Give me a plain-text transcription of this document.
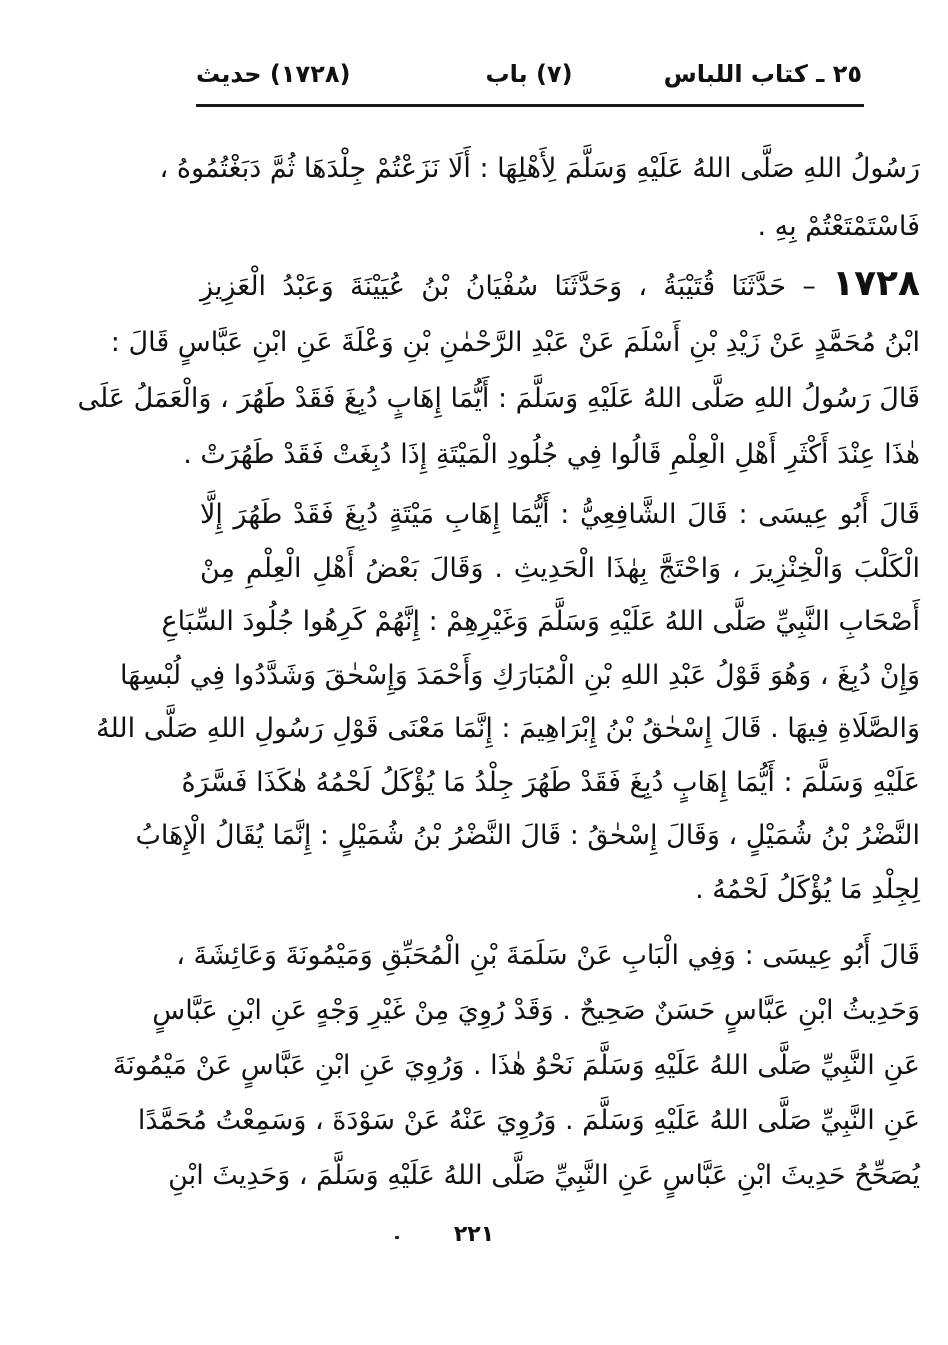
٢٥ ـ كتاب اللباس
(٧) باب
(١٧٢٨) حديث
رَسُولُ اللهِ صَلَّى اللهُ عَلَيْهِ وَسَلَّمَ لِأَهْلِهَا : أَلَا نَزَعْتُمْ جِلْدَهَا ثُمَّ دَبَغْتُمُوهُ ،
فَاسْتَمْتَعْتُمْ بِهِ .
١٧٢٨ – حَدَّثَنَا قُتَيْبَةُ ، وَحَدَّثَنَا سُفْيَانُ بْنُ عُيَيْنَةَ وَعَبْدُ الْعَزِيزِ
ابْنُ مُحَمَّدٍ عَنْ زَيْدِ بْنِ أَسْلَمَ عَنْ عَبْدِ الرَّحْمٰنِ بْنِ وَعْلَةَ عَنِ ابْنِ عَبَّاسٍ قَالَ :
قَالَ رَسُولُ اللهِ صَلَّى اللهُ عَلَيْهِ وَسَلَّمَ : أَيُّمَا إِهَابٍ دُبِغَ فَقَدْ طَهُرَ ، وَالْعَمَلُ عَلَى
هٰذَا عِنْدَ أَكْثَرِ أَهْلِ الْعِلْمِ قَالُوا فِي جُلُودِ الْمَيْتَةِ إِذَا دُبِغَتْ فَقَدْ طَهُرَتْ .
قَالَ أَبُو عِيسَى : قَالَ الشَّافِعِيُّ : أَيُّمَا إِهَابِ مَيْتَةٍ دُبِغَ فَقَدْ طَهُرَ إِلَّا
الْكَلْبَ وَالْخِنْزِيرَ ، وَاحْتَجَّ بِهٰذَا الْحَدِيثِ . وَقَالَ بَعْضُ أَهْلِ الْعِلْمِ مِنْ
أَصْحَابِ النَّبِيِّ صَلَّى اللهُ عَلَيْهِ وَسَلَّمَ وَغَيْرِهِمْ : إِنَّهُمْ كَرِهُوا جُلُودَ السِّبَاعِ
وَإِنْ دُبِغَ ، وَهُوَ قَوْلُ عَبْدِ اللهِ بْنِ الْمُبَارَكِ وَأَحْمَدَ وَإِسْحٰقَ وَشَدَّدُوا فِي لُبْسِهَا
وَالصَّلَاةِ فِيهَا . قَالَ إِسْحٰقُ بْنُ إِبْرَاهِيمَ : إِنَّمَا مَعْنَى قَوْلِ رَسُولِ اللهِ صَلَّى اللهُ
عَلَيْهِ وَسَلَّمَ : أَيُّمَا إِهَابٍ دُبِغَ فَقَدْ طَهُرَ جِلْدُ مَا يُؤْكَلُ لَحْمُهُ هٰكَذَا فَسَّرَهُ
النَّضْرُ بْنُ شُمَيْلٍ ، وَقَالَ إِسْحٰقُ : قَالَ النَّضْرُ بْنُ شُمَيْلٍ : إِنَّمَا يُقَالُ الْإِهَابُ
لِجِلْدِ مَا يُؤْكَلُ لَحْمُهُ .
قَالَ أَبُو عِيسَى : وَفِي الْبَابِ عَنْ سَلَمَةَ بْنِ الْمُحَبِّقِ وَمَيْمُونَةَ وَعَائِشَةَ ،
وَحَدِيثُ ابْنِ عَبَّاسٍ حَسَنٌ صَحِيحٌ . وَقَدْ رُوِيَ مِنْ غَيْرِ وَجْهٍ عَنِ ابْنِ عَبَّاسٍ
عَنِ النَّبِيِّ صَلَّى اللهُ عَلَيْهِ وَسَلَّمَ نَحْوُ هٰذَا . وَرُوِيَ عَنِ ابْنِ عَبَّاسٍ عَنْ مَيْمُونَةَ
عَنِ النَّبِيِّ صَلَّى اللهُ عَلَيْهِ وَسَلَّمَ . وَرُوِيَ عَنْهُ عَنْ سَوْدَةَ ، وَسَمِعْتُ مُحَمَّدًا
يُصَحِّحُ حَدِيثَ ابْنِ عَبَّاسٍ عَنِ النَّبِيِّ صَلَّى اللهُ عَلَيْهِ وَسَلَّمَ ، وَحَدِيثَ ابْنِ
٢٢١
